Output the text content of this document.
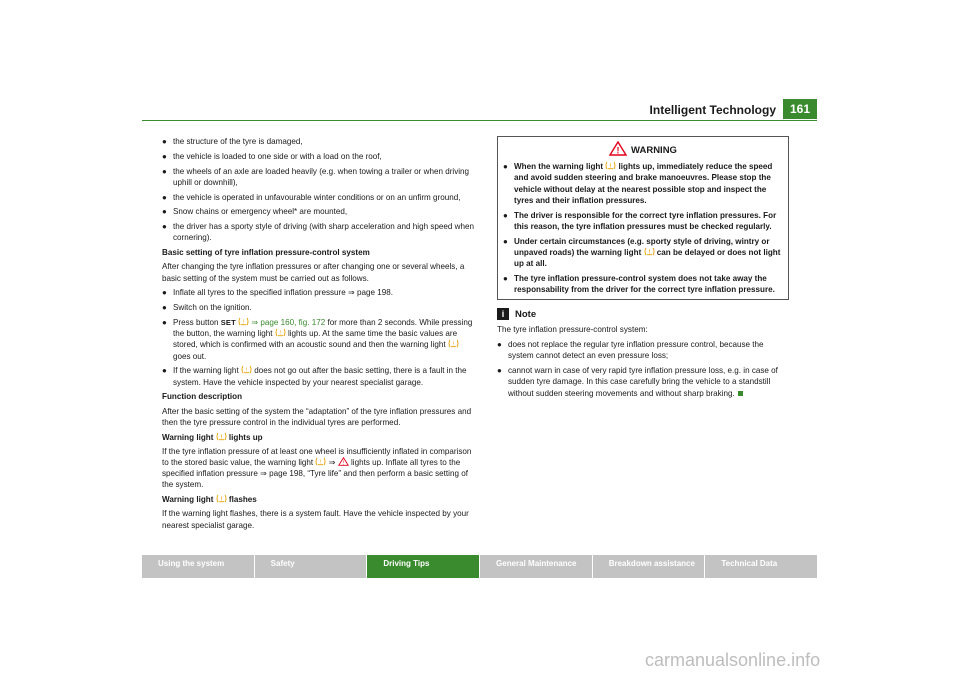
Intelligent Technology	161
● the structure of the tyre is damaged,
● the vehicle is loaded to one side or with a load on the roof,
● the wheels of an axle are loaded heavily (e.g. when towing a trailer or when driving uphill or downhill),
● the vehicle is operated in unfavourable winter conditions or on an unfirm ground,
● Snow chains or emergency wheel* are mounted,
● the driver has a sporty style of driving (with sharp acceleration and high speed when cornering).
Basic setting of tyre inflation pressure-control system

After changing the tyre inflation pressures or after changing one or several wheels, a basic setting of the system must be carried out as follows.

● Inflate all tyres to the specified inflation pressure ⇒ page 198.
● Switch on the ignition.
● Press button SET ! ⇒ page 160, fig. 172 for more than 2 seconds. While pressing the button, the warning light ! lights up. At the same time the basic values are stored, which is confirmed with an acoustic sound and then the warning light !
goes out.
● If the warning light ! does not go out after the basic setting, there is a fault in the system. Have the vehicle inspected by your nearest specialist garage.
Function description

After the basic setting of the system the “adaptation” of the tyre inflation pressures and then the tyre pressure control in the individual tyres are performed.

Warning light ! lights up

If the tyre inflation pressure of at least one wheel is insufficiently inflated in comparison to the stored basic value, the warning light ! ⇒ ! lights up. Inflate all tyres to the specified inflation pressure ⇒ page 198, “Tyre life” and then perform a basic setting of the system.

Warning light ! flashes

If the warning light flashes, there is a system fault. Have the vehicle inspected by your nearest specialist garage.

! WARNING
● When the warning light ! lights up, immediately reduce the speed and avoid sudden steering and brake manoeuvres. Please stop the vehicle without delay at the nearest possible stop and inspect the tyres and their inflation pressures.
● The driver is responsible for the correct tyre inflation pressures. For this reason, the tyre inflation pressures must be checked regularly.
● Under certain circumstances (e.g. sporty style of driving, wintry or unpaved roads) the warning light ! can be delayed or does not light up at all.
● The tyre inflation pressure-control system does not take away the responsability from the driver for the correct tyre inflation pressure.
i Note

The tyre inflation pressure-control system:

● does not replace the regular tyre inflation pressure control, because the system cannot detect an even pressure loss;
● cannot warn in case of very rapid tyre inflation pressure loss, e.g. in case of sudden tyre damage. In this case carefully bring the vehicle to a standstill without sudden steering movements and without sharp braking.
Using the system	Safety	Driving Tips	General Maintenance	Breakdown assistance	Technical Data
carmanualsonline.info
